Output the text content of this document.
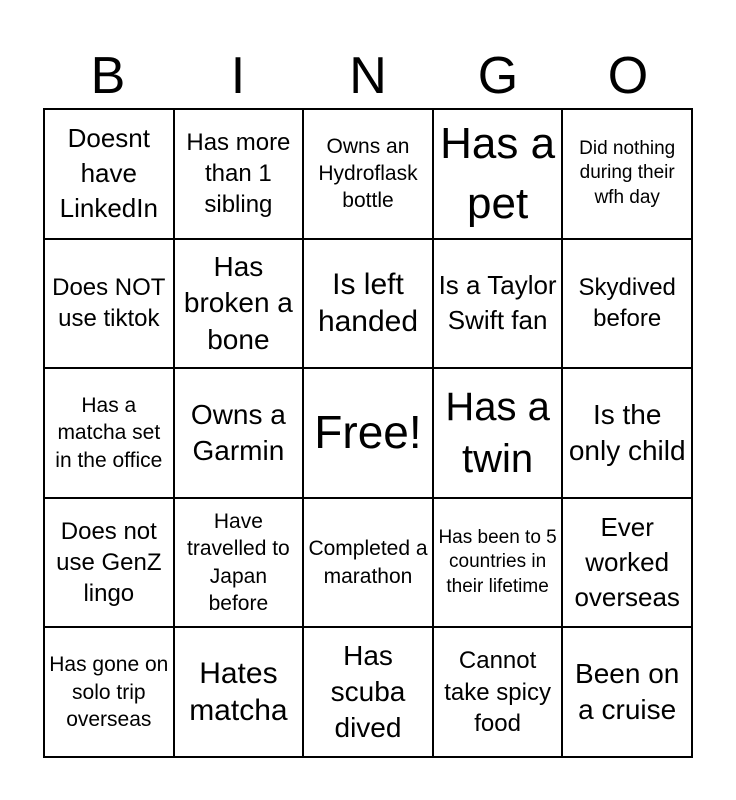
B	I	N	G	O
Doesnt have LinkedIn
Has more than 1 sibling
Owns an Hydroflask bottle
Has a pet
Did nothing during their wfh day
Does NOT use tiktok
Has broken a bone
Is left handed
Is a Taylor Swift fan
Skydived before
Has a matcha set in the office
Owns a Garmin Free! Has a twin
Is the only child
Does not use GenZ lingo
Have travelled to Japan before
Completed a marathon
Has been to 5 countries in their lifetime
Ever worked overseas
Has gone on solo trip overseas
Hates matcha
Has scuba dived
Cannot take spicy food
Been on a cruise
